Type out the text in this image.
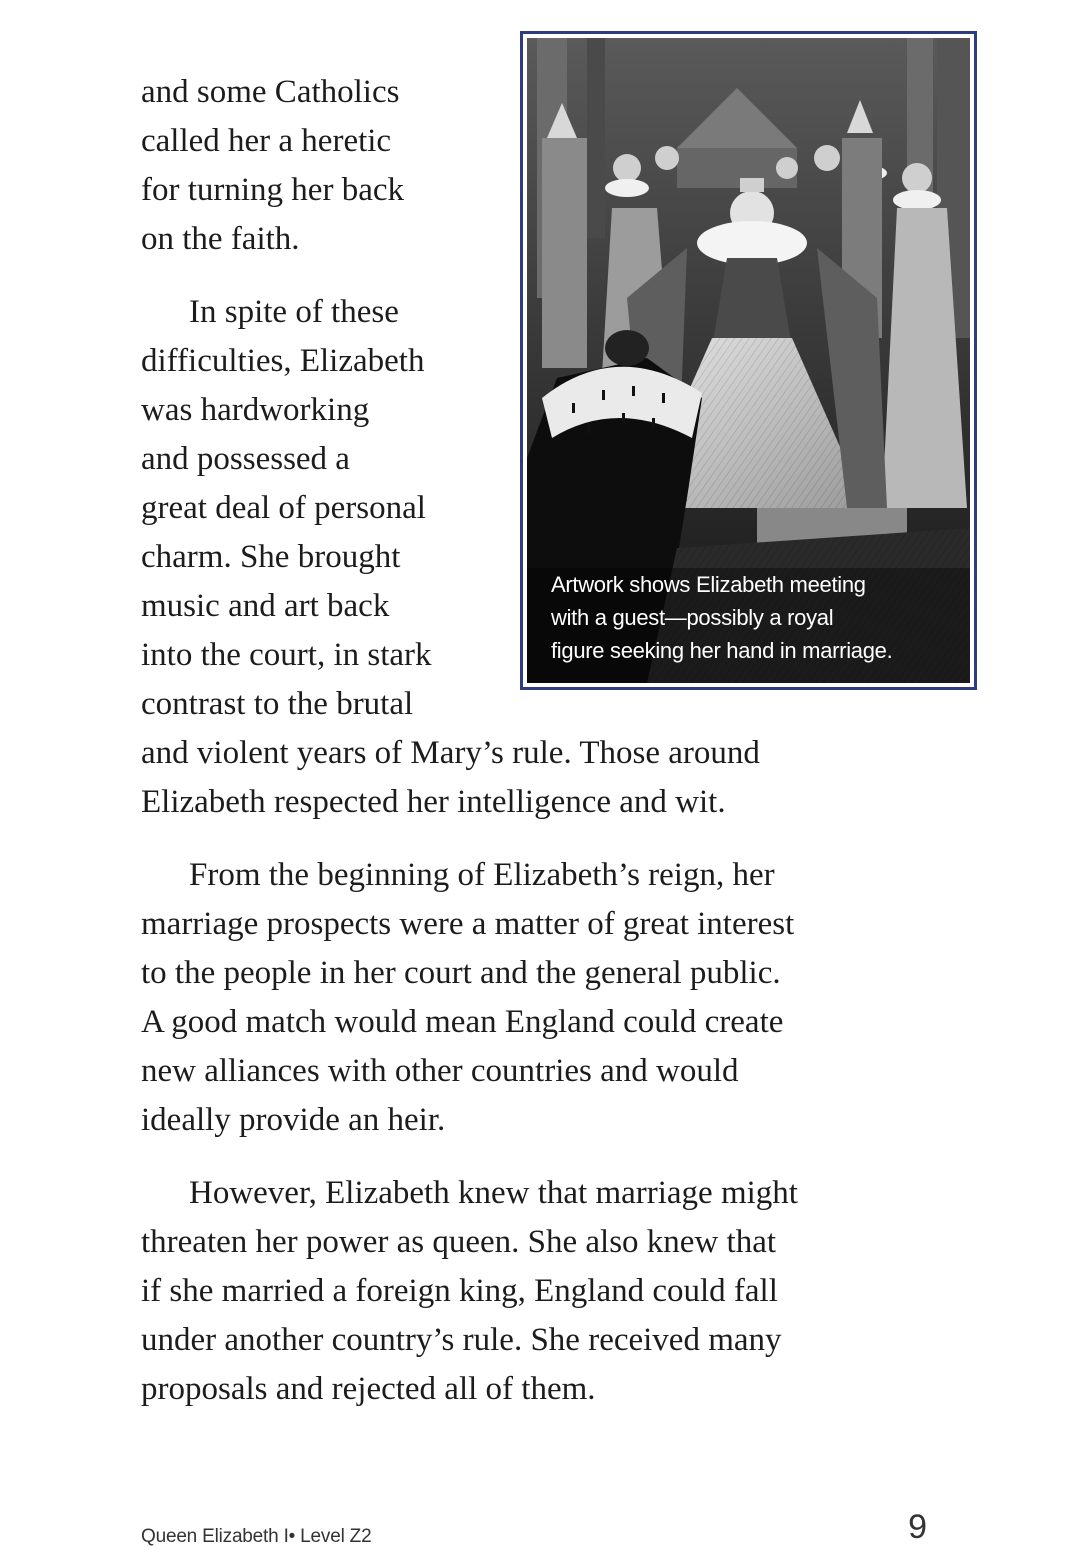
and some Catholics
called her a heretic
for turning her back
on the faith.

In spite of these
difficulties, Elizabeth
was hardworking
and possessed a
great deal of personal
charm. She brought
music and art back
into the court, in stark
contrast to the brutal
and violent years of Mary’s rule. Those around
Elizabeth respected her intelligence and wit.

From the beginning of Elizabeth’s reign, her
marriage prospects were a matter of great interest
to the people in her court and the general public.
A good match would mean England could create
new alliances with other countries and would
ideally provide an heir.

However, Elizabeth knew that marriage might
threaten her power as queen. She also knew that
if she married a foreign king, England could fall
under another country’s rule. She received many
proposals and rejected all of them.

Artwork shows Elizabeth meeting
with a guest—possibly a royal
figure seeking her hand in marriage.
Queen Elizabeth I• Level Z2	9
